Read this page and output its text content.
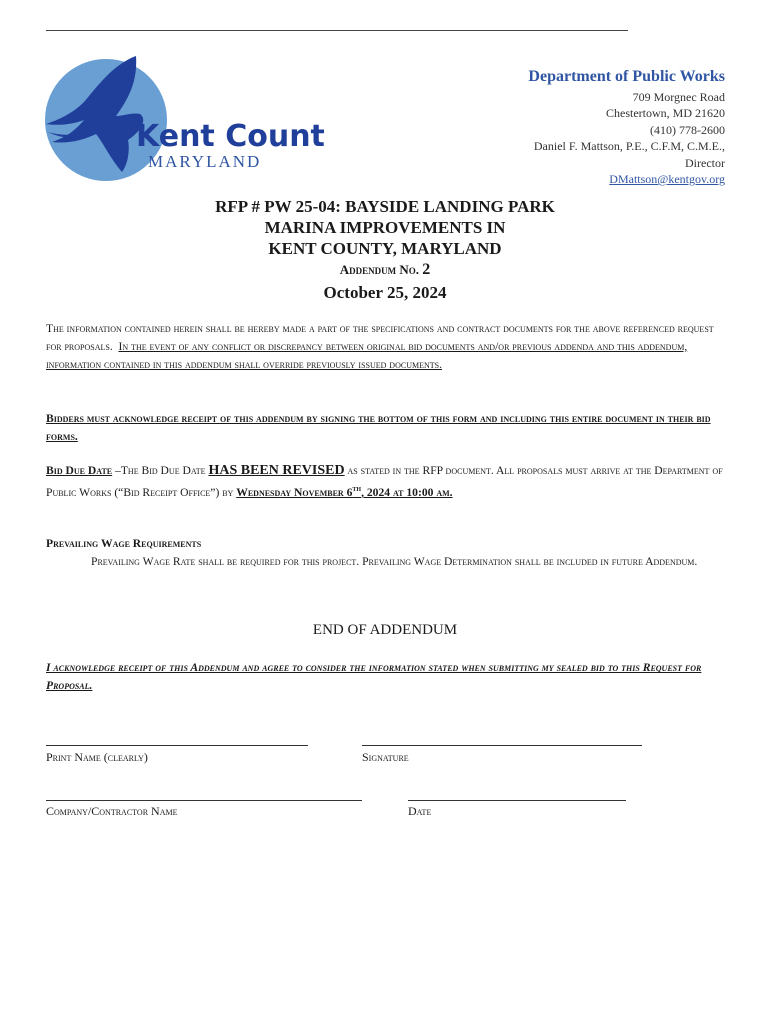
Kent County
MARYLAND
Department of Public Works
709 Morgnec Road
Chestertown, MD 21620
(410) 778-2600
Daniel F. Mattson, P.E., C.F.M, C.M.E.,
Director
DMattson@kentgov.org
RFP # PW 25-04: BAYSIDE LANDING PARK
MARINA IMPROVEMENTS IN
KENT COUNTY, MARYLAND
Addendum No. 2
October 25, 2024
The information contained herein shall be hereby made a part of the specifications and contract documents for the above referenced request for proposals. In the event of any conflict or discrepancy between original bid documents and/or previous addenda and this addendum, information contained in this addendum shall override previously issued documents.
Bidders must acknowledge receipt of this addendum by signing the bottom of this form and including this entire document in their bid forms.
Bid Due Date –The Bid Due Date HAS BEEN REVISED as stated in the RFP document. All proposals must arrive at the Department of Public Works (“Bid Receipt Office”) by Wednesday November 6th, 2024 at 10:00 am.
Prevailing Wage Requirements
Prevailing Wage Rate shall be required for this project. Prevailing Wage Determination shall be included in future Addendum.
END OF ADDENDUM
I acknowledge receipt of this Addendum and agree to consider the information stated when submitting my sealed bid to this Request for Proposal.
Print Name (clearly)	Signature
Company/Contractor Name	Date
